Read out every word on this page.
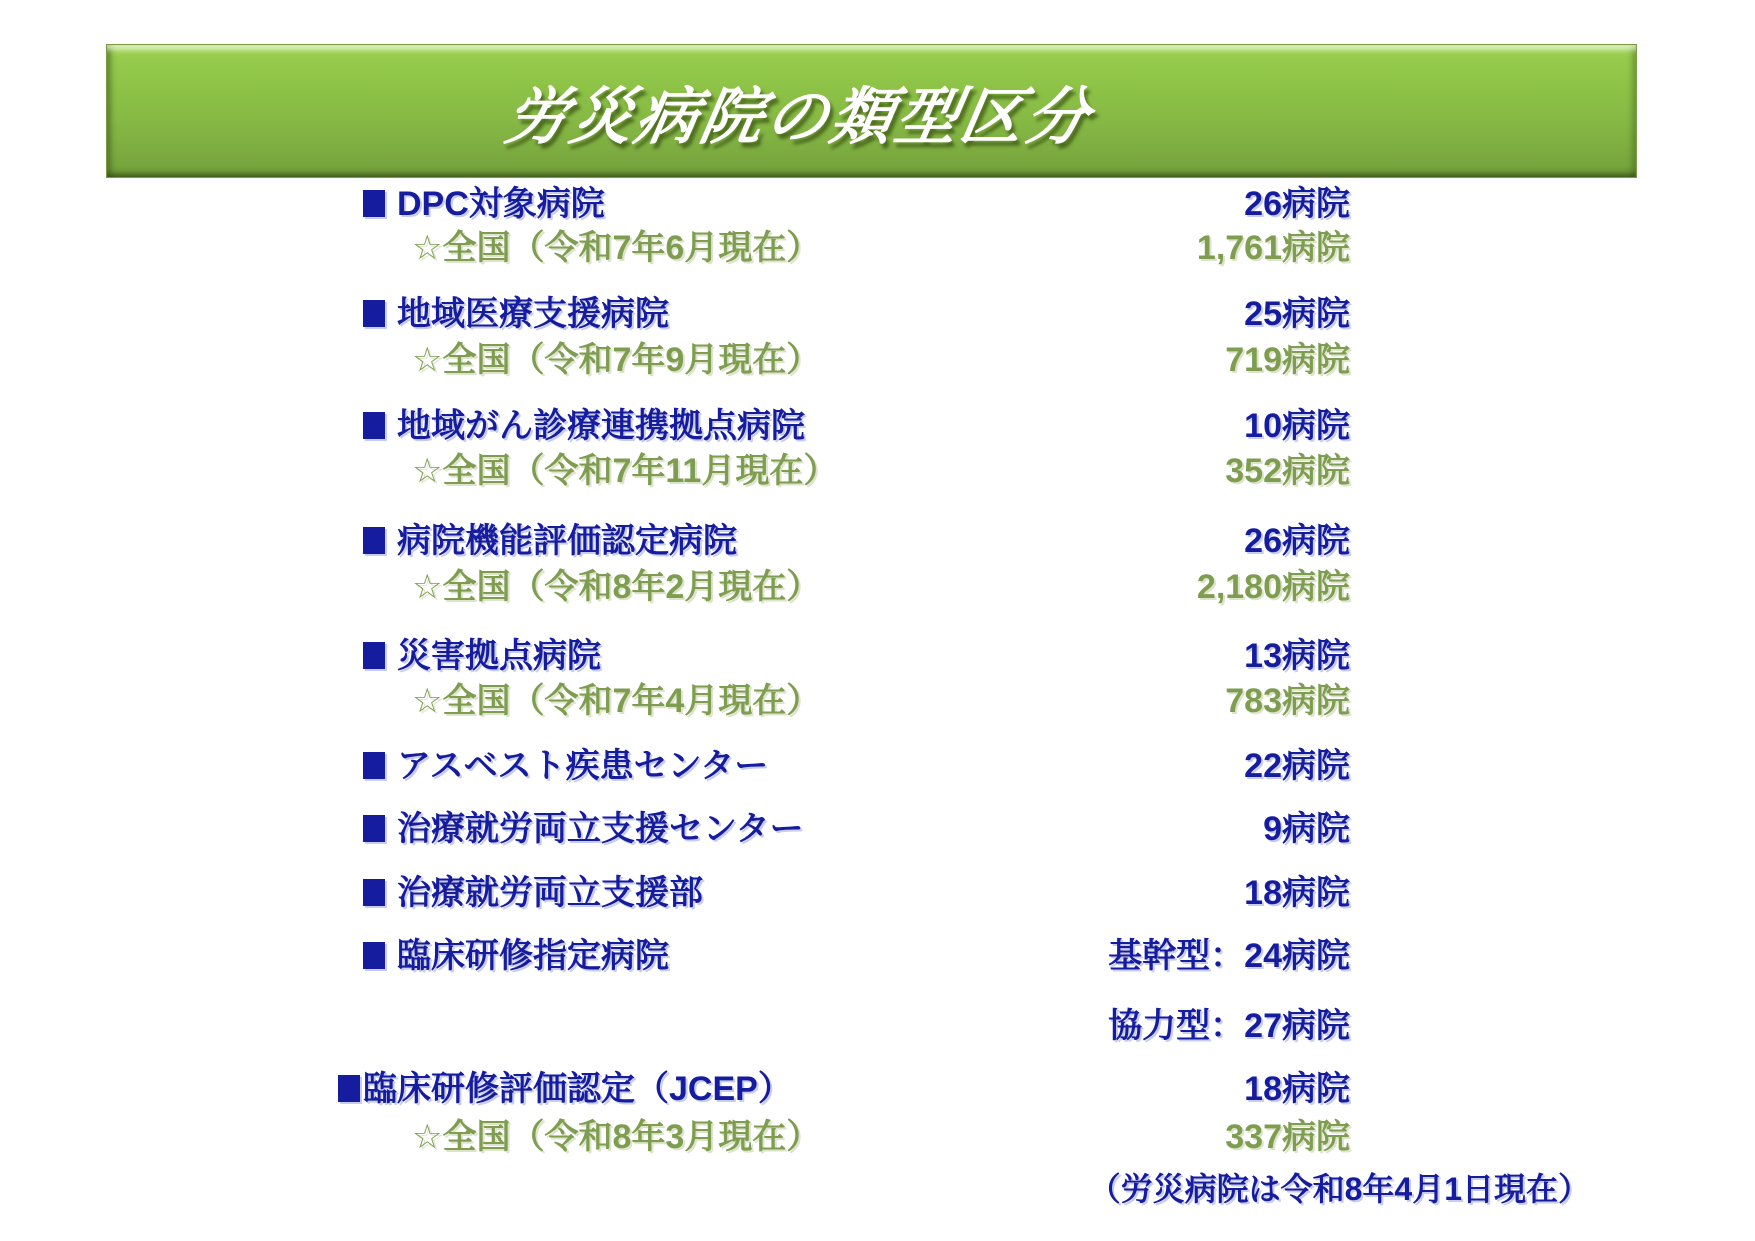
労災病院の類型区分
DPC対象病院	26病院
☆全国（令和7年6月現在）	1,761病院
地域医療支援病院	25病院
☆全国（令和7年9月現在）	719病院
地域がん診療連携拠点病院	10病院
☆全国（令和7年11月現在）	352病院
病院機能評価認定病院	26病院
☆全国（令和8年2月現在）	2,180病院
災害拠点病院	13病院
☆全国（令和7年4月現在）	783病院
アスベスト疾患センター	22病院
治療就労両立支援センター	9病院
治療就労両立支援部	18病院
臨床研修指定病院	基幹型：24病院
協力型：27病院
臨床研修評価認定（JCEP）	18病院
☆全国（令和8年3月現在）	337病院
（労災病院は令和8年4月1日現在）
